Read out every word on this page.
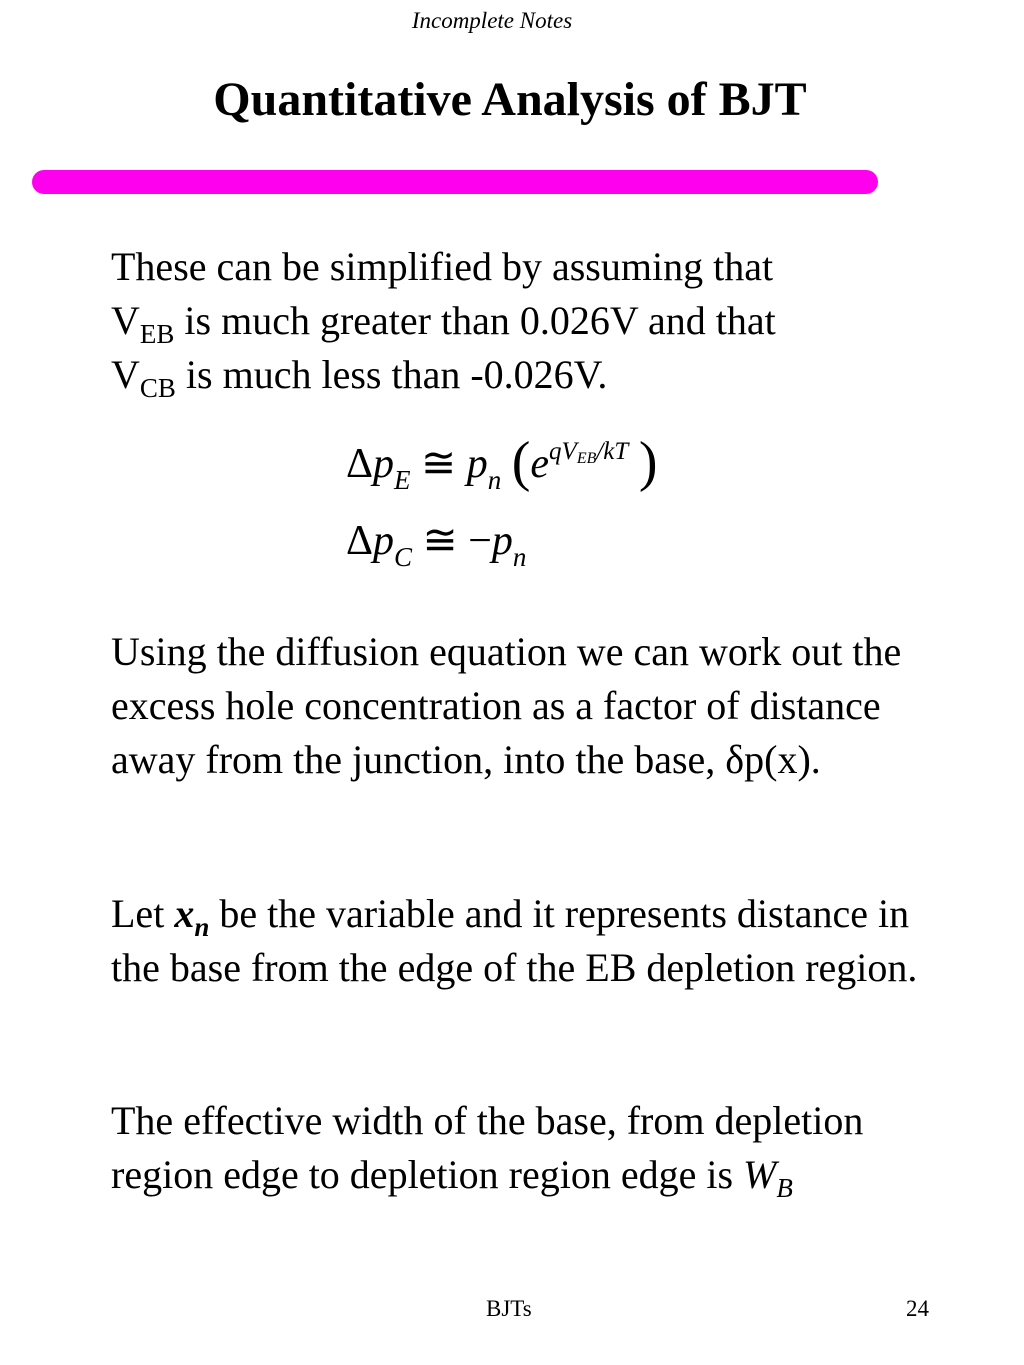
Incomplete Notes
Quantitative Analysis of BJT

These can be simplified by assuming that
$V_{EB}$ is much greater than 0.026V and that
$V_{CB}$ is much less than -0.026V.

$\Delta p_E$ ≅ $p_n$ ($e^{qVEB/kT}$ )
$\Delta p_C$ ≅ $-p_n$

Using the diffusion equation we can work out the excess hole concentration as a factor of distance away from the junction, into the base, δp(x).

Let $x_n$ be the variable and it represents distance in the base from the edge of the EB depletion region.

The effective width of the base, from depletion region edge to depletion region edge is $W_B$

BJTs	24
